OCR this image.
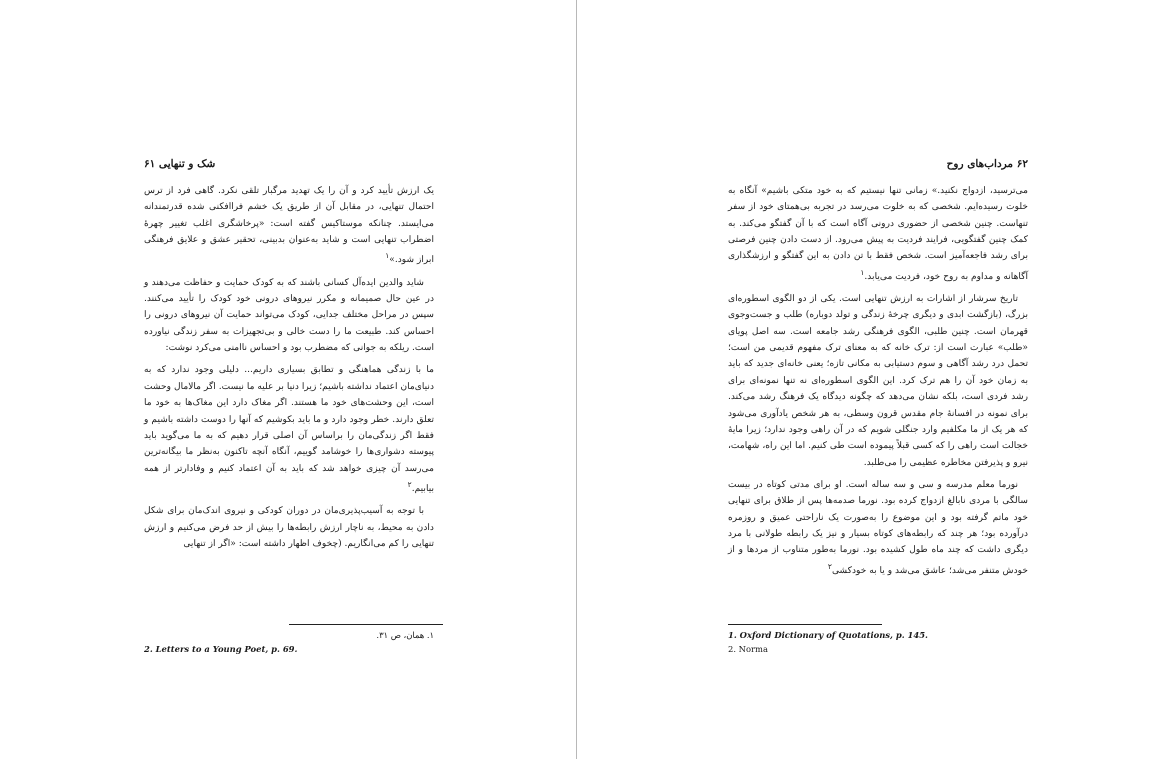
شک و تنهایی ۶۱

یک ارزش تأیید کرد و آن را یک تهدید مرگبار تلقی نکرد. گاهی فرد از ترس احتمال تنهایی، در مقابل آن از طریق یک خشم فراافکنی شده قدرتمندانه می‌ایستد. چنانکه موستاکیس گفته است: «پرخاشگری اغلب تغییر چهرهٔ اضطراب تنهایی است و شاید به‌عنوان بدبینی، تحقیر عشق و علایق فرهنگی ابراز شود.»$^۱$

شاید والدین ایده‌آل کسانی باشند که به کودک حمایت و حفاظت می‌دهند و در عین حال صمیمانه و مکرر نیروهای درونی خود کودک را تأیید می‌کنند. سپس در مراحل مختلف جدایی، کودک می‌تواند حمایت آن نیروهای درونی را احساس کند. طبیعت ما را دست خالی و بی‌تجهیزات به سفر زندگی نیاورده است. ریلکه به جوانی که مضطرب بود و احساس ناامنی می‌کرد نوشت:

ما با زندگی هماهنگی و تطابق بسیاری داریم... دلیلی وجود ندارد که به دنیای‌مان اعتماد نداشته باشیم؛ زیرا دنیا بر علیه ما نیست. اگر مالامال وحشت است، این وحشت‌های خود ما هستند. اگر مغاک دارد این مغاک‌ها به خود ما تعلق دارند. خطر وجود دارد و ما باید بکوشیم که آنها را دوست داشته باشیم و فقط اگر زندگی‌مان را براساس آن اصلی قرار دهیم که به ما می‌گوید باید پیوسته دشواری‌ها را خوشامد گوییم، آنگاه آنچه تاکنون به‌نظر ما بیگانه‌ترین می‌رسد آن چیزی خواهد شد که باید به آن اعتماد کنیم و وفادارتر از همه بیابیم.$^۲$

با توجه به آسیب‌پذیری‌مان در دوران کودکی و نیروی اندک‌مان برای شکل دادن به محیط، به ناچار ارزش رابطه‌ها را بیش از حد فرض می‌کنیم و ارزش تنهایی را کم می‌انگاریم. (چخوف اظهار داشته است: «اگر از تنهایی

۱. همان، ص ۳۱.
2. Letters to a Young Poet, p. 69.
۶۲ مرداب‌های روح

می‌ترسید، ازدواج نکنید.» زمانی تنها نیستیم که به خود متکی باشیم» آنگاه به خلوت رسیده‌ایم. شخصی که به خلوت می‌رسد در تجربه بی‌همتای خود از سفر تنهاست. چنین شخصی از حضوری درونی آگاه است که با آن گفتگو می‌کند. به کمک چنین گفتگویی، فرایند فردیت به پیش می‌رود. از دست دادن چنین فرصتی برای رشد فاجعه‌آمیز است. شخص فقط با تن دادن به این گفتگو و ارزشگذاری آگاهانه و مداوم به روح خود، فردیت می‌یابد.$^۱$

تاریخ سرشار از اشارات به ارزش تنهایی است. یکی از دو الگوی اسطوره‌ای بزرگ، (بازگشت ابدی و دیگری چرخهٔ زندگی و تولد دوباره) طلب و جست‌وجوی قهرمان است. چنین طلبی، الگوی فرهنگی رشد جامعه است. سه اصل پویای «طلب» عبارت است از: ترک خانه که به معنای ترک مفهوم قدیمی من است؛ تحمل درد رشد آگاهی و سوم دستیابی به مکانی تازه؛ یعنی خانه‌ای جدید که باید به زمان خود آن را هم ترک کرد. این الگوی اسطوره‌ای نه تنها نمونه‌ای برای رشد فردی است، بلکه نشان می‌دهد که چگونه دیدگاه یک فرهنگ رشد می‌کند. برای نمونه در افسانهٔ جام مقدس قرون وسطی، به هر شخص یادآوری می‌شود که هر یک از ما مکلفیم وارد جنگلی شویم که در آن راهی وجود ندارد؛ زیرا مایهٔ خجالت است راهی را که کسی قبلاً پیموده است طی کنیم. اما این راه، شهامت، نیرو و پذیرفتن مخاطره عظیمی را می‌طلبد.

نورما معلم مدرسه و سی و سه ساله است. او برای مدتی کوتاه در بیست سالگی با مردی نابالغ ازدواج کرده بود. نورما صدمه‌ها پس از طلاق برای تنهایی خود ماتم گرفته بود و این موضوع را به‌صورت یک ناراحتی عمیق و روزمره درآورده بود؛ هر چند که رابطه‌های کوتاه بسیار و نیز یک رابطه طولانی با مرد دیگری داشت که چند ماه طول کشیده بود. نورما به‌طور متناوب از مردها و از خودش متنفر می‌شد؛ عاشق می‌شد و یا به خودکشی$^۲$

1. Oxford Dictionary of Quotations, p. 145.
2. Norma
